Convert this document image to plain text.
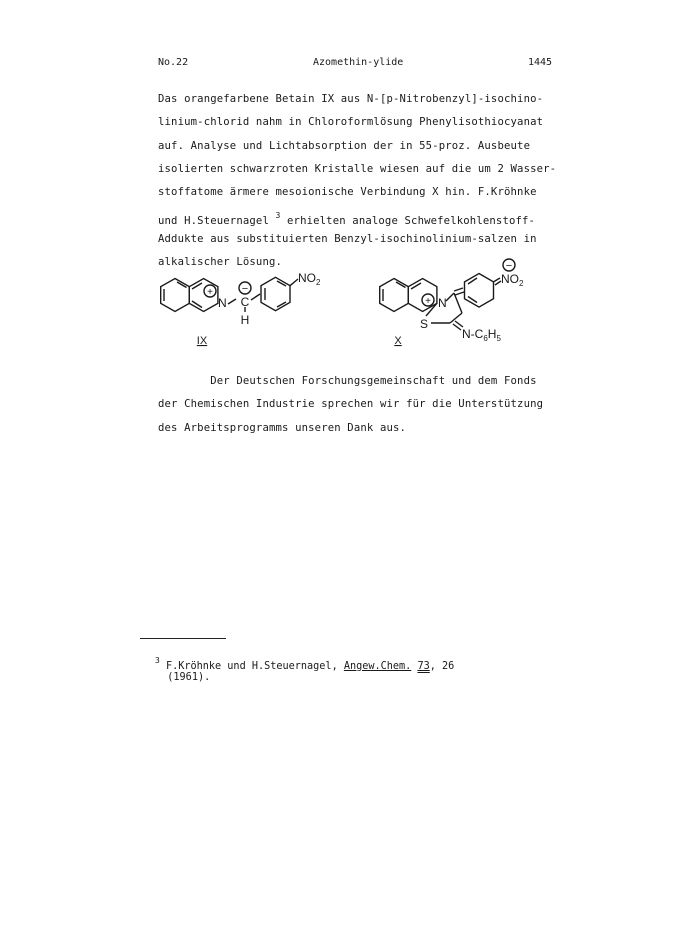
No.22	Azomethin-ylide	1445
Das orangefarbene Betain IX aus N-[p-Nitrobenzyl]-isochino-
linium-chlorid nahm in Chloroformlösung Phenylisothiocyanat
auf. Analyse und Lichtabsorption der in 55-proz. Ausbeute
isolierten schwarzroten Kristalle wiesen auf die um 2 Wasser-
stoffatome ärmere mesoionische Verbindung X hin. F.Kröhnke
und H.Steuernagel $^3$ erhielten analoge Schwefelkohlenstoff-
Addukte aus substituierten Benzyl-isochinolinium-salzen in
alkalischer Lösung.
+
N
−
C
H
$NO_2$
IX
+ N
S
$N-C_6H_5$
−
$NO_2$
X
Der Deutschen Forschungsgemeinschaft und dem Fonds
der Chemischen Industrie sprechen wir für die Unterstützung
des Arbeitsprogramms unseren Dank aus.
$^3$ F.Kröhnke und H.Steuernagel, Angew.Chem. 73, 26
(1961).
